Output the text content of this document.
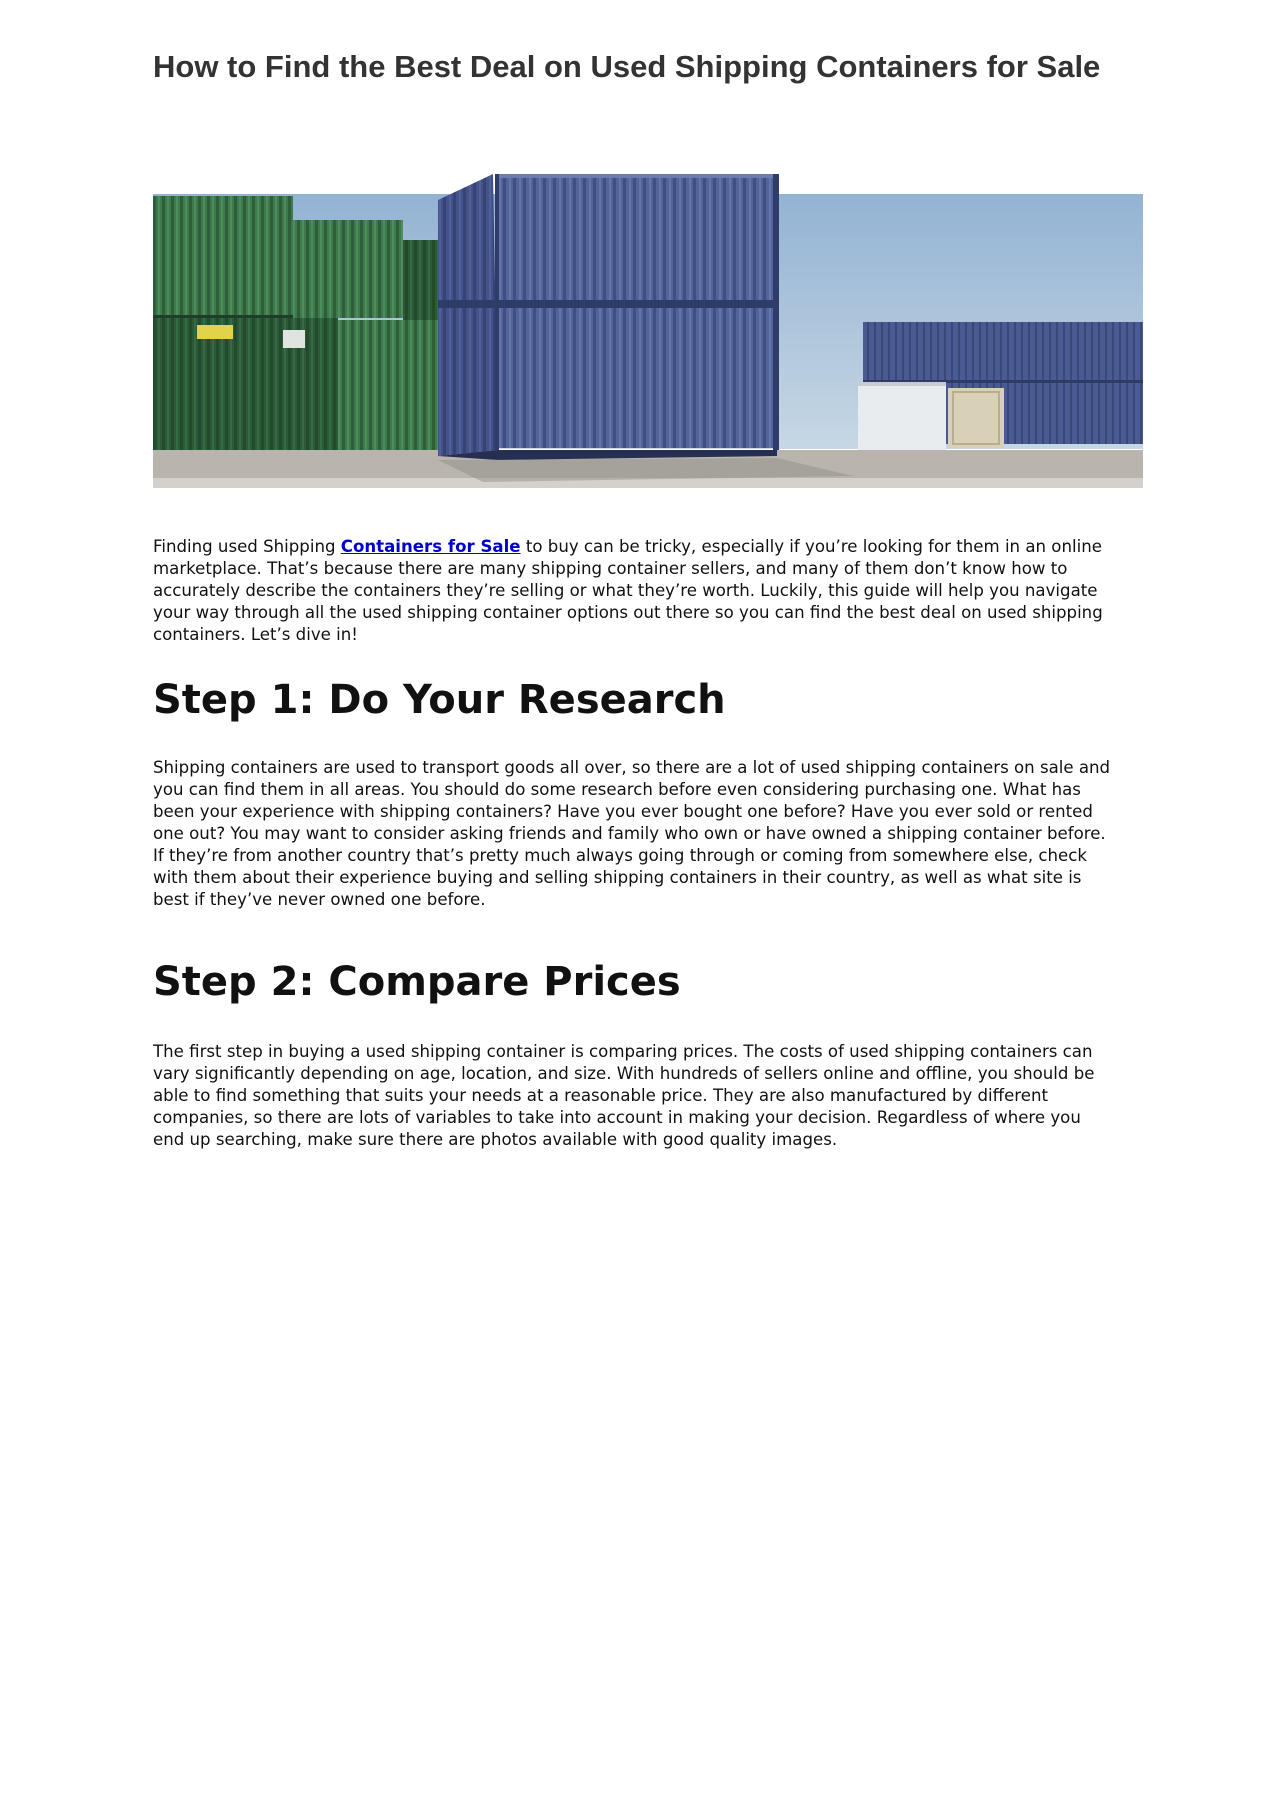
How to Find the Best Deal on Used Shipping Containers for Sale

Finding used Shipping Containers for Sale to buy can be tricky, especially if you’re looking for them in an online marketplace. That’s because there are many shipping container sellers, and many of them don’t know how to accurately describe the containers they’re selling or what they’re worth. Luckily, this guide will help you navigate your way through all the used shipping container options out there so you can find the best deal on used shipping containers. Let’s dive in!

Step 1: Do Your Research

Shipping containers are used to transport goods all over, so there are a lot of used shipping containers on sale and you can find them in all areas. You should do some research before even considering purchasing one. What has been your experience with shipping containers? Have you ever bought one before? Have you ever sold or rented one out? You may want to consider asking friends and family who own or have owned a shipping container before. If they’re from another country that’s pretty much always going through or coming from somewhere else, check with them about their experience buying and selling shipping containers in their country, as well as what site is best if they’ve never owned one before.

Step 2: Compare Prices

The first step in buying a used shipping container is comparing prices. The costs of used shipping containers can vary significantly depending on age, location, and size. With hundreds of sellers online and offline, you should be able to find something that suits your needs at a reasonable price. They are also manufactured by different companies, so there are lots of variables to take into account in making your decision. Regardless of where you end up searching, make sure there are photos available with good quality images.
